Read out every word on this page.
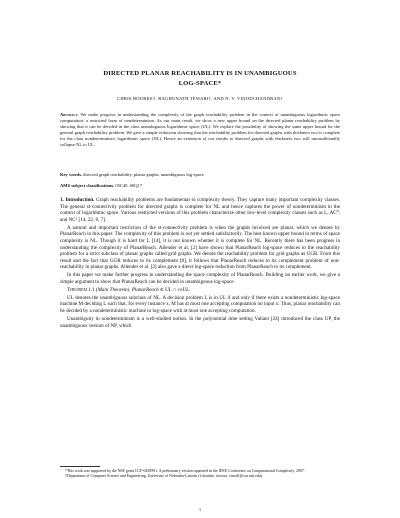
DIRECTED PLANAR REACHABILITY IS IN UNAMBIGUOUS
LOG-SPACE*
CHRIS BOURKE†, RAGHUNATH TEWARI†, AND N. V. VINODCHANDRAN†
Abstract. We make progress in understanding the complexity of the graph reachability problem in the context of unambiguous logarithmic space computation; a restricted form of nondeterminism. As our main result, we show a new upper bound on the directed planar reachability problem by showing that it can be decided in the class unambiguous logarithmic space (UL). We explore the possibility of showing the same upper bound for the general graph reachability problem. We give a simple reduction showing that the reachability problem for directed graphs with thickness two is complete for the class nondeterministic logarithmic space (NL). Hence an extension of our results to directed graphs with thickness two will unconditionally collapse NL to UL.
Key words. directed graph reachability, planar graphs, unambiguous log-space
AMS subject classifications. 05C40, 68Q17

1. Introduction. Graph reachability problems are fundamental to complexity theory. They capture many important complexity classes. The general st-connectivity problem for directed graphs is complete for NL and hence captures the power of nondeterminism in the context of logarithmic space. Various restricted versions of this problem characterize other low-level complexity classes such as L, AC⁰, and NC¹ [14, 22, 8, 7].

A natural and important restriction of the st-connectivity problem is when the graphs involved are planar, which we denote by PlanarReach in this paper. The complexity of this problem is not yet settled satisfactorily. The best known upper bound in terms of space complexity is NL. Though it is hard for L [14], it is not known whether it is complete for NL. Recently there has been progress in understanding the complexity of PlanarReach. Allender et al. [2] have shown that PlanarReach log-space reduces to the reachability problem for a strict subclass of planar graphs called grid graphs. We denote the reachability problem for grid graphs as GGR. From this result and the fact that GGR reduces to its complement [8], it follows that PlanarReach reduces to its complement problem of non-reachability in planar graphs. Allender et al. [2] also gave a direct log-space reduction from PlanarReach to its complement.

In this paper we make further progress in understanding the space complexity of PlanarReach. Building on earlier work, we give a simple argument to show that PlanarReach can be decided in unambiguous log-space.

Theorem 1.1 (Main Theorem). PlanarReach ∈ UL ∩ coUL.

UL denotes the unambiguous subclass of NL. A decision problem L is in UL if and only if there exists a nondeterministic log-space machine M deciding L such that, for every instance x, M has at most one accepting computation on input x. Thus, planar reachability can be decided by a nondeterministic machine in log-space with at most one accepting computation.

Unambiguity in nondeterminism is a well-studied notion. In the polynomial time setting Valiant [24] introduced the class UP, the unambiguous version of NP, which

*This work was supported by the NSF grant CCF-0430991. A preliminary version appeared in the IEEE Conference on Computational Complexity, 2007.

†Department of Computer Science and Engineering, University of Nebraska-Lincoln ({cbourke, rtewari, vinod}@cse.unl.edu).

1
